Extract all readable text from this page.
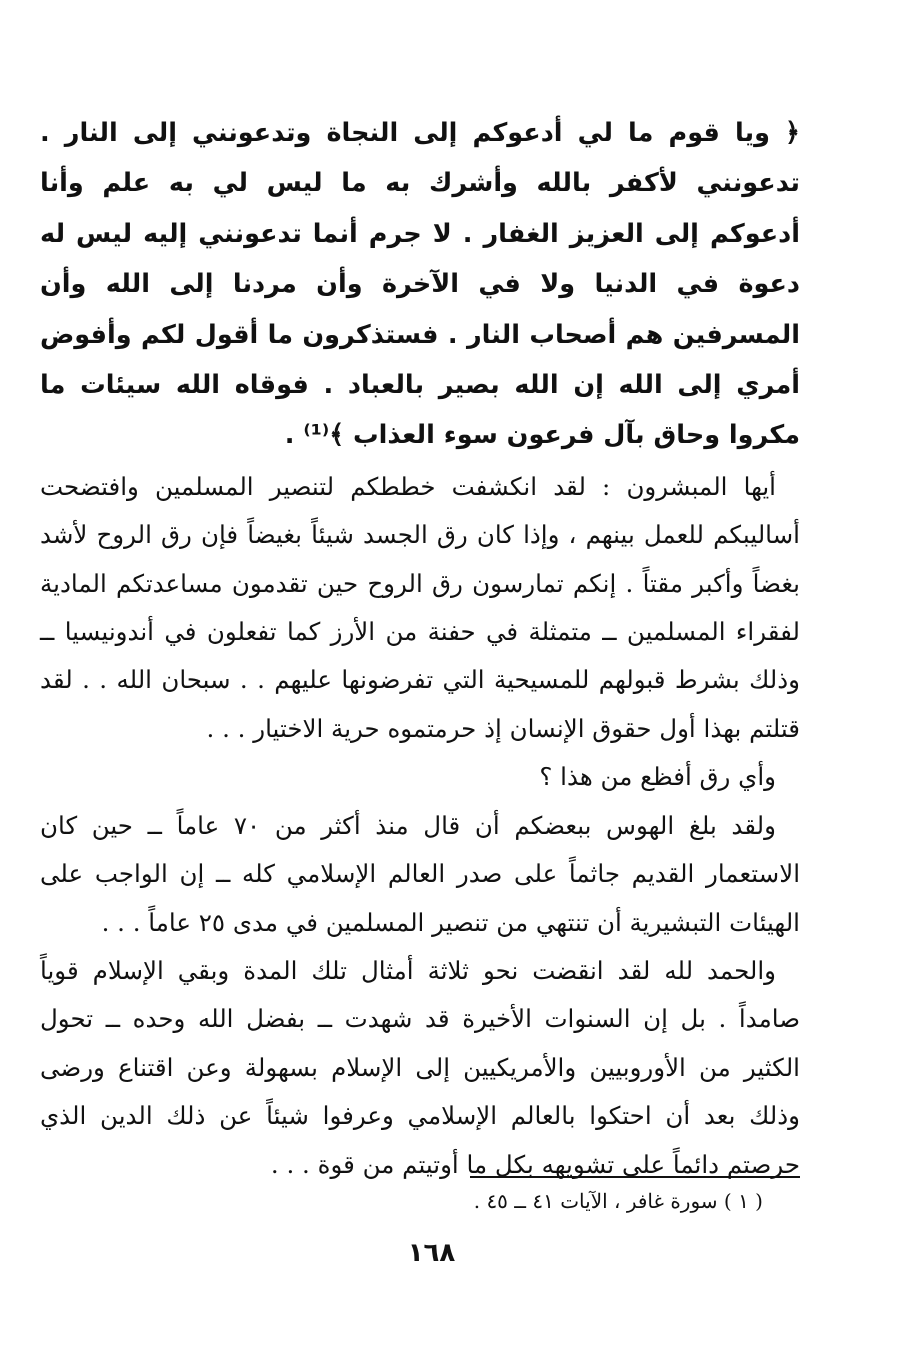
﴿ ويا قوم ما لي أدعوكم إلى النجاة وتدعونني إلى النار . تدعونني لأكفر بالله وأشرك به ما ليس لي به علم وأنا أدعوكم إلى العزيز الغفار . لا جرم أنما تدعونني إليه ليس له دعوة في الدنيا ولا في الآخرة وأن مردنا إلى الله وأن المسرفين هم أصحاب النار . فستذكرون ما أقول لكم وأفوض أمري إلى الله إن الله بصير بالعباد . فوقاه الله سيئات ما مكروا وحاق بآل فرعون سوء العذاب ﴾⁽¹⁾ .

أيها المبشرون : لقد انكشفت خططكم لتنصير المسلمين وافتضحت أساليبكم للعمل بينهم ، وإذا كان رق الجسد شيئاً بغيضاً فإن رق الروح لأشد بغضاً وأكبر مقتاً . إنكم تمارسون رق الروح حين تقدمون مساعدتكم المادية لفقراء المسلمين ــ متمثلة في حفنة من الأرز كما تفعلون في أندونيسيا ــ وذلك بشرط قبولهم للمسيحية التي تفرضونها عليهم . . سبحان الله . . لقد قتلتم بهذا أول حقوق الإنسان إذ حرمتموه حرية الاختيار . . .

وأي رق أفظع من هذا ؟

ولقد بلغ الهوس ببعضكم أن قال منذ أكثر من ٧٠ عاماً ــ حين كان الاستعمار القديم جاثماً على صدر العالم الإسلامي كله ــ إن الواجب على الهيئات التبشيرية أن تنتهي من تنصير المسلمين في مدى ٢٥ عاماً . . .

والحمد لله لقد انقضت نحو ثلاثة أمثال تلك المدة وبقي الإسلام قوياً صامداً . بل إن السنوات الأخيرة قد شهدت ــ بفضل الله وحده ــ تحول الكثير من الأوروبيين والأمريكيين إلى الإسلام بسهولة وعن اقتناع ورضى وذلك بعد أن احتكوا بالعالم الإسلامي وعرفوا شيئاً عن ذلك الدين الذي حرصتم دائماً على تشويهه بكل ما أوتيتم من قوة . . .

( ١ ) سورة غافر ، الآيات ٤١ ــ ٤٥ .
١٦٨
